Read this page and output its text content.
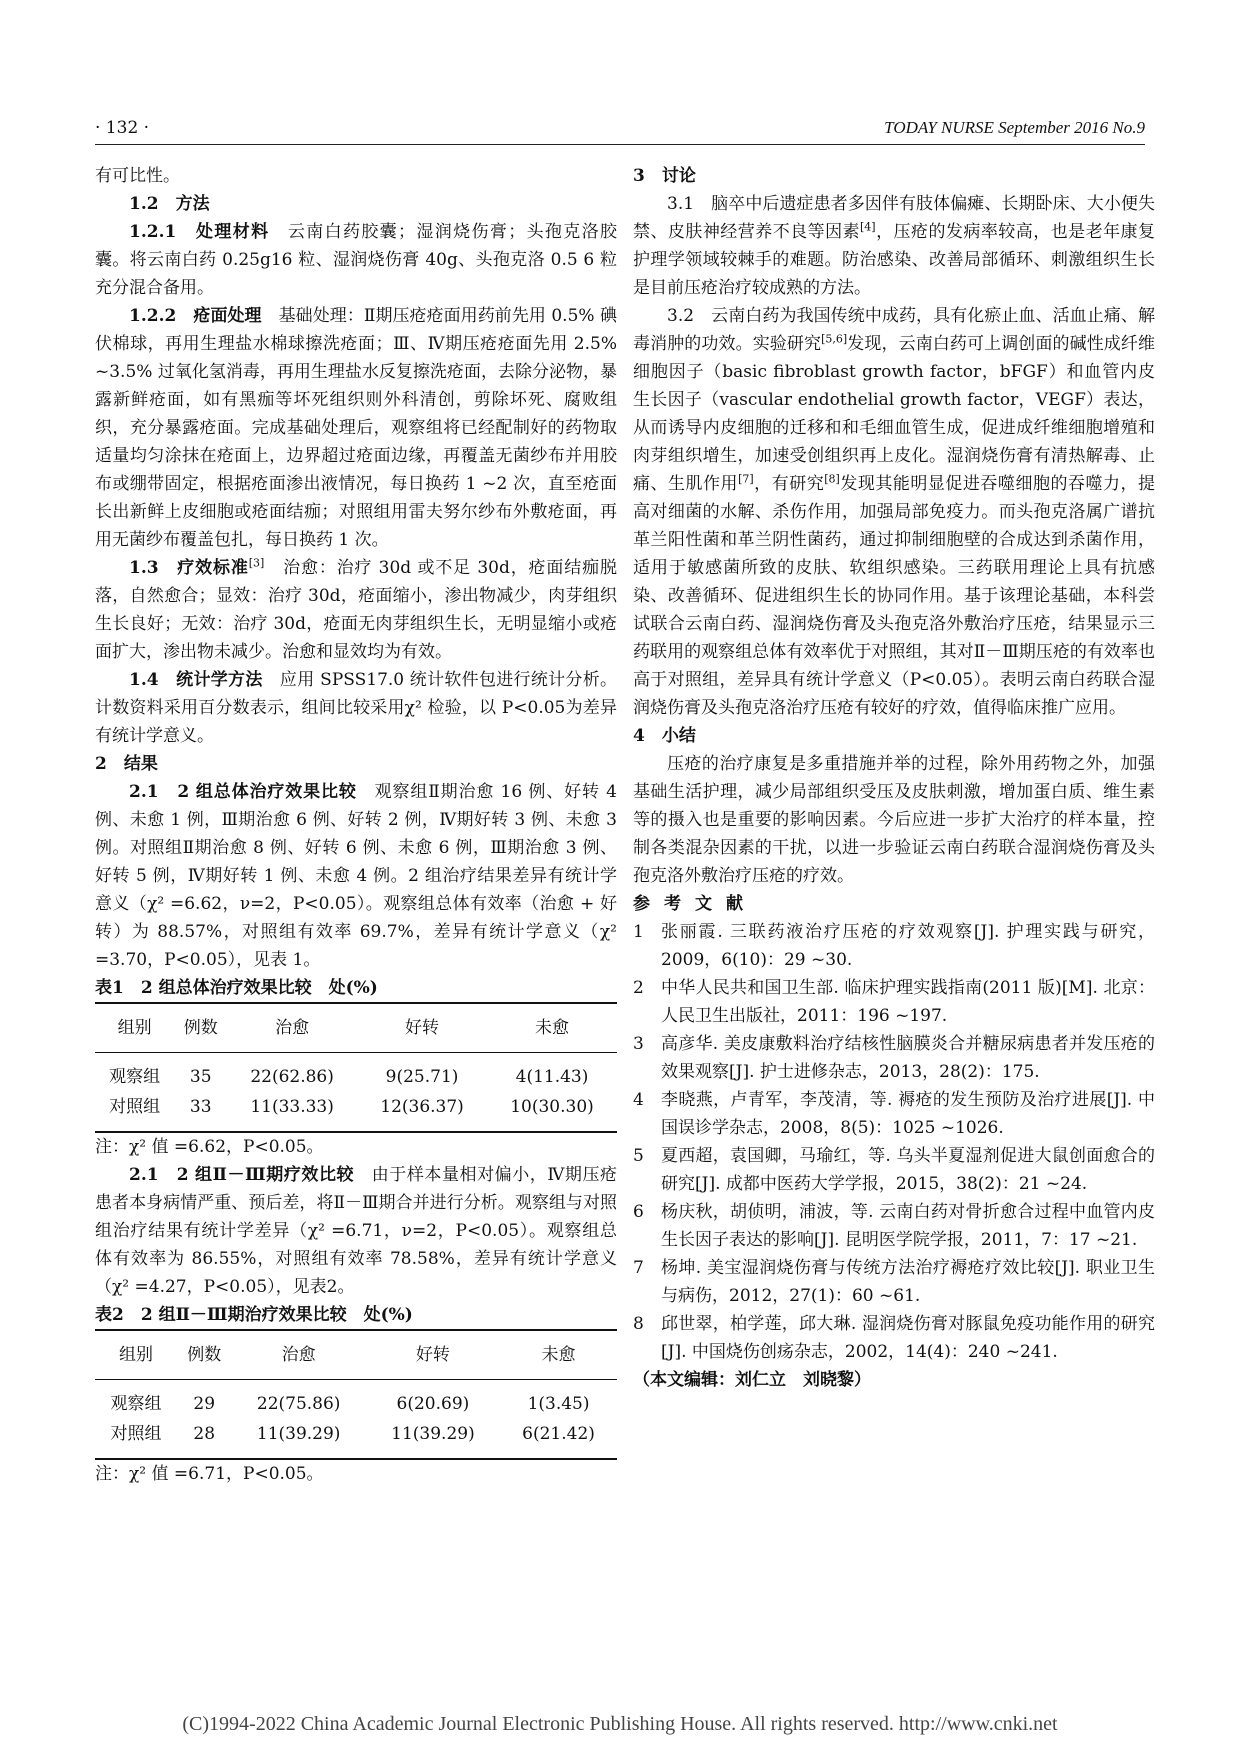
· 132 ·	TODAY NURSE September 2016 No.9

有可比性。

1.2　方法

1.2.1　处理材料　 云南白药胶囊；湿润烧伤膏；头孢克洛胶囊。将云南白药 0.25g16 粒、湿润烧伤膏 40g、头孢克洛 0.5 6 粒充分混合备用。

1.2.2　疮面处理　 基础处理：Ⅱ期压疮疮面用药前先用 0.5% 碘伏棉球，再用生理盐水棉球擦洗疮面；Ⅲ、Ⅳ期压疮疮面先用 2.5% ~3.5% 过氧化氢消毒，再用生理盐水反复擦洗疮面，去除分泌物，暴露新鲜疮面，如有黑痂等坏死组织则外科清创，剪除坏死、腐败组织，充分暴露疮面。完成基础处理后，观察组将已经配制好的药物取适量均匀涂抹在疮面上，边界超过疮面边缘，再覆盖无菌纱布并用胶布或绷带固定，根据疮面渗出液情况，每日换药 1 ~2 次，直至疮面长出新鲜上皮细胞或疮面结痂；对照组用雷夫努尔纱布外敷疮面，再用无菌纱布覆盖包扎，每日换药 1 次。

1.3　疗效标准[3]　 治愈：治疗 30d 或不足 30d，疮面结痂脱落，自然愈合；显效：治疗 30d，疮面缩小，渗出物减少，肉芽组织生长良好；无效：治疗 30d，疮面无肉芽组织生长，无明显缩小或疮面扩大，渗出物未减少。治愈和显效均为有效。

1.4　统计学方法　 应用 SPSS17.0 统计软件包进行统计分析。计数资料采用百分数表示，组间比较采用χ² 检验，以 P<0.05为差异有统计学意义。

2　结果

2.1　2 组总体治疗效果比较　 观察组Ⅱ期治愈 16 例、好转 4 例、未愈 1 例，Ⅲ期治愈 6 例、好转 2 例，Ⅳ期好转 3 例、未愈 3 例。对照组Ⅱ期治愈 8 例、好转 6 例、未愈 6 例，Ⅲ期治愈 3 例、好转 5 例，Ⅳ期好转 1 例、未愈 4 例。2 组治疗结果差异有统计学意义（χ² =6.62，ν=2，P<0.05）。观察组总体有效率（治愈 + 好转）为 88.57%，对照组有效率 69.7%，差异有统计学意义（χ² =3.70，P<0.05），见表 1。

表1　2 组总体治疗效果比较　处(%)

组别	例数	治愈	好转	未愈
观察组	35	22(62.86)	9(25.71)	4(11.43)
对照组	33	11(33.33)	12(36.37)	10(30.30)

注：χ² 值 =6.62，P<0.05。

2.1　2 组Ⅱ－Ⅲ期疗效比较　 由于样本量相对偏小，Ⅳ期压疮患者本身病情严重、预后差，将Ⅱ－Ⅲ期合并进行分析。观察组与对照组治疗结果有统计学差异（χ² =6.71，ν=2，P<0.05）。观察组总体有效率为 86.55%，对照组有效率 78.58%，差异有统计学意义（χ² =4.27，P<0.05），见表2。

表2　2 组Ⅱ－Ⅲ期治疗效果比较　处(%)

组别	例数	治愈	好转	未愈
观察组	29	22(75.86)	6(20.69)	1(3.45)
对照组	28	11(39.29)	11(39.29)	6(21.42)

注：χ² 值 =6.71，P<0.05。

3　讨论

3.1　脑卒中后遗症患者多因伴有肢体偏瘫、长期卧床、大小便失禁、皮肤神经营养不良等因素[4]，压疮的发病率较高，也是老年康复护理学领域较棘手的难题。防治感染、改善局部循环、刺激组织生长是目前压疮治疗较成熟的方法。

3.2　云南白药为我国传统中成药，具有化瘀止血、活血止痛、解毒消肿的功效。实验研究[5,6]发现，云南白药可上调创面的碱性成纤维细胞因子（basic fibroblast growth factor，bFGF）和血管内皮生长因子（vascular endothelial growth factor，VEGF）表达，从而诱导内皮细胞的迁移和和毛细血管生成，促进成纤维细胞增殖和肉芽组织增生，加速受创组织再上皮化。湿润烧伤膏有清热解毒、止痛、生肌作用[7]，有研究[8]发现其能明显促进吞噬细胞的吞噬力，提高对细菌的水解、杀伤作用，加强局部免疫力。而头孢克洛属广谱抗革兰阳性菌和革兰阴性菌药，通过抑制细胞壁的合成达到杀菌作用，适用于敏感菌所致的皮肤、软组织感染。三药联用理论上具有抗感染、改善循环、促进组织生长的协同作用。基于该理论基础，本科尝试联合云南白药、湿润烧伤膏及头孢克洛外敷治疗压疮，结果显示三药联用的观察组总体有效率优于对照组，其对Ⅱ－Ⅲ期压疮的有效率也高于对照组，差异具有统计学意义（P<0.05）。表明云南白药联合湿润烧伤膏及头孢克洛治疗压疮有较好的疗效，值得临床推广应用。

4　小结

压疮的治疗康复是多重措施并举的过程，除外用药物之外，加强基础生活护理，减少局部组织受压及皮肤刺激，增加蛋白质、维生素等的摄入也是重要的影响因素。今后应进一步扩大治疗的样本量，控制各类混杂因素的干扰，以进一步验证云南白药联合湿润烧伤膏及头孢克洛外敷治疗压疮的疗效。

参考文献

1	张丽霞. 三联药液治疗压疮的疗效观察[J]. 护理实践与研究，2009，6(10)：29 ~30.
2	中华人民共和国卫生部. 临床护理实践指南(2011 版)[M]. 北京：人民卫生出版社，2011：196 ~197.
3	高彦华. 美皮康敷料治疗结核性脑膜炎合并糖尿病患者并发压疮的效果观察[J]. 护士进修杂志，2013，28(2)：175.
4	李晓燕，卢青军，李茂清，等. 褥疮的发生预防及治疗进展[J]. 中国误诊学杂志，2008，8(5)：1025 ~1026.
5	夏西超，袁国卿，马瑜红，等. 乌头半夏湿剂促进大鼠创面愈合的研究[J]. 成都中医药大学学报，2015，38(2)：21 ~24.
6	杨庆秋，胡侦明，浦波，等. 云南白药对骨折愈合过程中血管内皮生长因子表达的影响[J]. 昆明医学院学报，2011，7：17 ~21.
7	杨坤. 美宝湿润烧伤膏与传统方法治疗褥疮疗效比较[J]. 职业卫生与病伤，2012，27(1)：60 ~61.
8	邱世翠，柏学莲，邱大琳. 湿润烧伤膏对豚鼠免疫功能作用的研究[J]. 中国烧伤创疡杂志，2002，14(4)：240 ~241.

（本文编辑：刘仁立　刘晓黎）

(C)1994-2022 China Academic Journal Electronic Publishing House. All rights reserved. http://www.cnki.net
